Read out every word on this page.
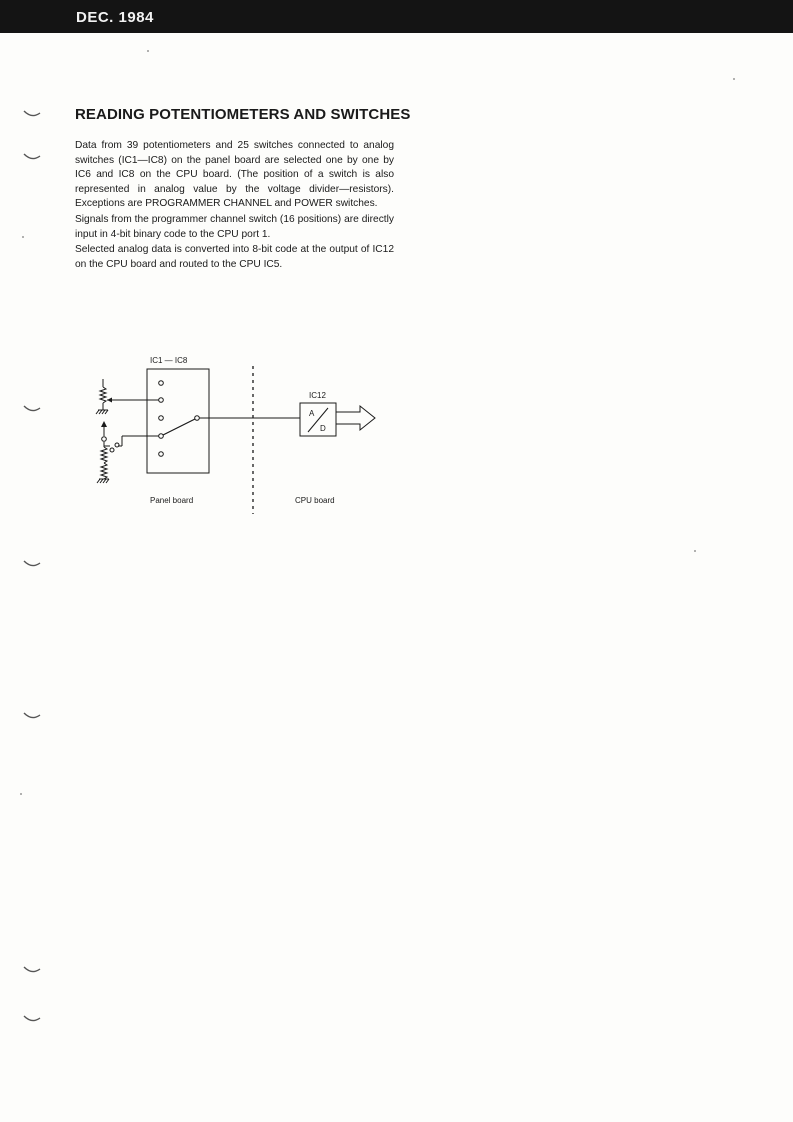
DEC. 1984
READING POTENTIOMETERS AND SWITCHES

Data from 39 potentiometers and 25 switches connected to analog switches (IC1—IC8) on the panel board are selected one by one by IC6 and IC8 on the CPU board. (The position of a switch is also represented in analog value by the voltage divider—resistors). Exceptions are PROGRAMMER CHANNEL and POWER switches.

Signals from the programmer channel switch (16 positions) are directly input in 4-bit binary code to the CPU port 1.

Selected analog data is converted into 8-bit code at the output of IC12 on the CPU board and routed to the CPU IC5.

IC1 — IC8
IC12
A
D
Panel board	CPU board
